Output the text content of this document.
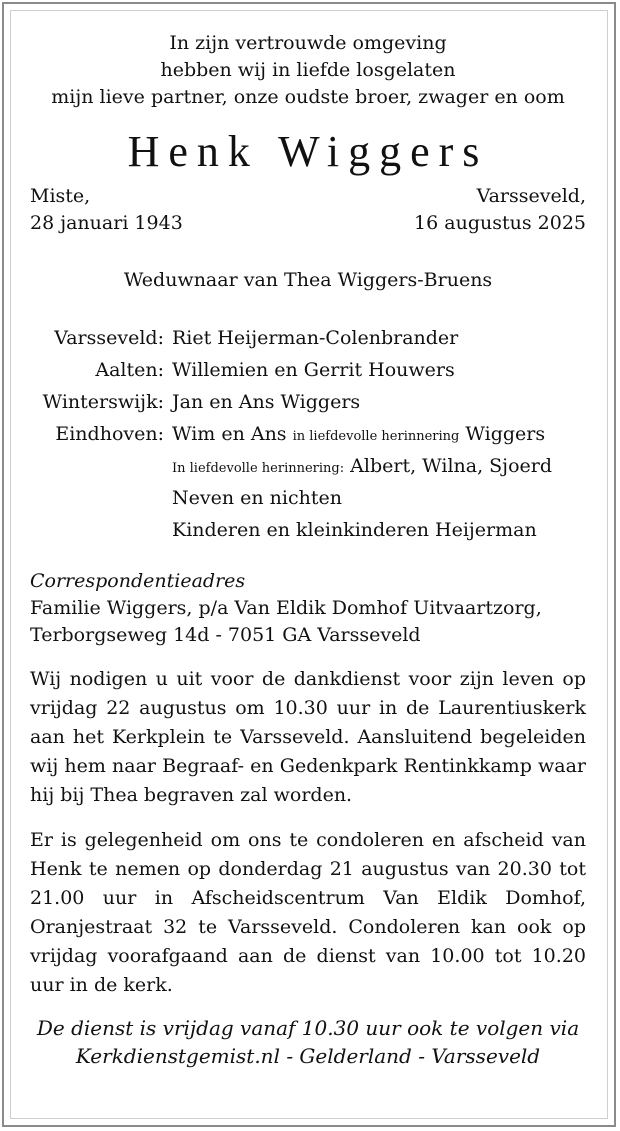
In zijn vertrouwde omgeving
hebben wij in liefde losgelaten
mijn lieve partner, onze oudste broer, zwager en oom
Henk Wiggers
Miste,
28 januari 1943
Varsseveld,
16 augustus 2025
Weduwnaar van Thea Wiggers-Bruens
Varsseveld: Riet Heijerman-Colenbrander
Aalten: Willemien en Gerrit Houwers
Winterswijk: Jan en Ans Wiggers
Eindhoven: Wim en Ans in liefdevolle herinnering Wiggers
In liefdevolle herinnering: Albert, Wilna, Sjoerd
Neven en nichten
Kinderen en kleinkinderen Heijerman
Correspondentieadres
Familie Wiggers, p/a Van Eldik Domhof Uitvaartzorg,
Terborgseweg 14d - 7051 GA Varsseveld
Wij nodigen u uit voor de dankdienst voor zijn leven op vrijdag 22 augustus om 10.30 uur in de Laurentiuskerk aan het Kerkplein te Varsseveld. Aansluitend begeleiden wij hem naar Begraaf- en Gedenkpark Rentinkkamp waar hij bij Thea begraven zal worden.
Er is gelegenheid om ons te condoleren en afscheid van Henk te nemen op donderdag 21 augustus van 20.30 tot 21.00 uur in Afscheidscentrum Van Eldik Domhof, Oranjestraat 32 te Varsseveld. Condoleren kan ook op vrijdag voorafgaand aan de dienst van 10.00 tot 10.20 uur in de kerk.
De dienst is vrijdag vanaf 10.30 uur ook te volgen via
Kerkdienstgemist.nl - Gelderland - Varsseveld
